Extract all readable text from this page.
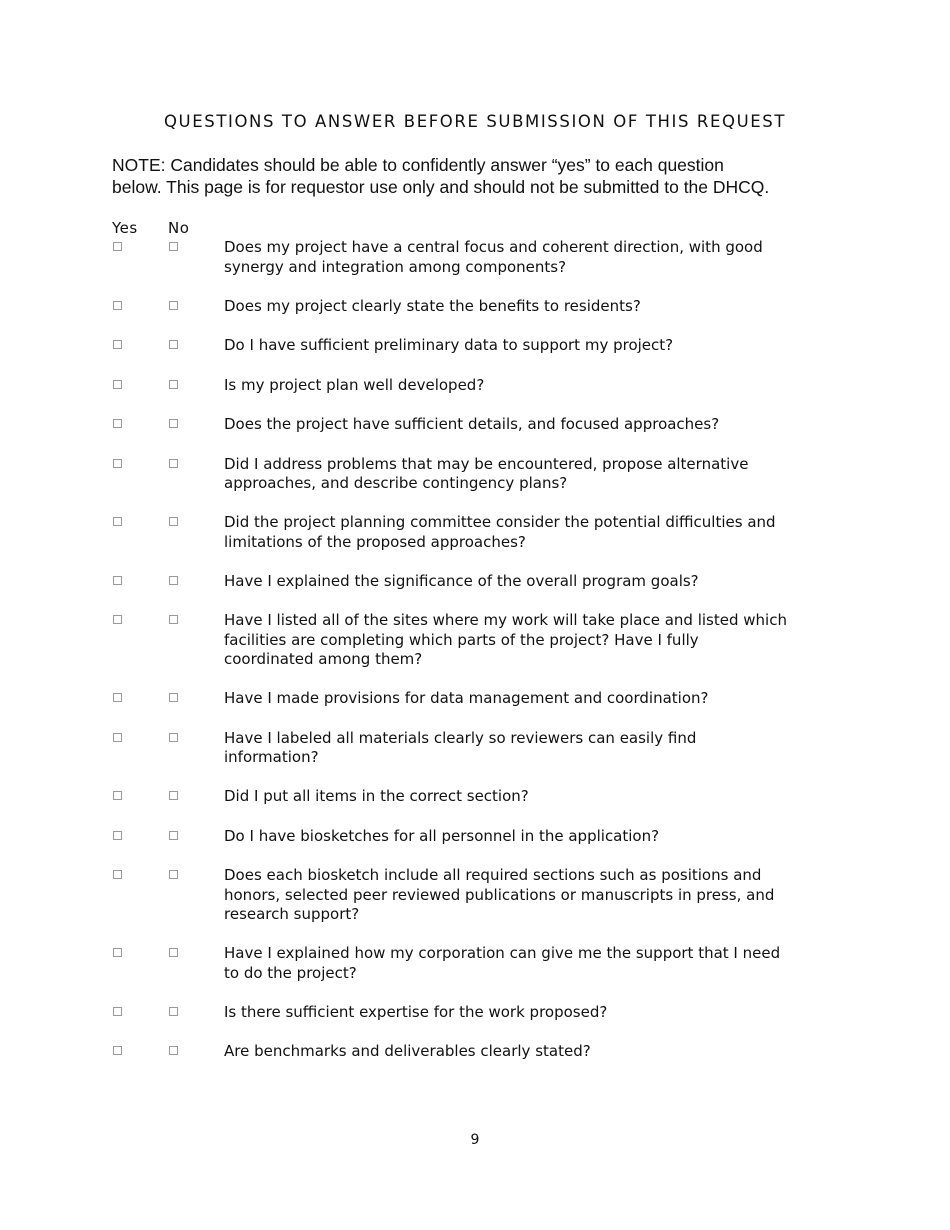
QUESTIONS TO ANSWER BEFORE SUBMISSION OF THIS REQUEST
NOTE: Candidates should be able to confidently answer “yes” to each question
below. This page is for requestor use only and should not be submitted to the DHCQ.
Yes No
Does my project have a central focus and coherent direction, with good
synergy and integration among components?
Does my project clearly state the benefits to residents?
Do I have sufficient preliminary data to support my project?
Is my project plan well developed?
Does the project have sufficient details, and focused approaches?
Did I address problems that may be encountered, propose alternative
approaches, and describe contingency plans?
Did the project planning committee consider the potential difficulties and
limitations of the proposed approaches?
Have I explained the significance of the overall program goals?
Have I listed all of the sites where my work will take place and listed which
facilities are completing which parts of the project? Have I fully
coordinated among them?
Have I made provisions for data management and coordination?
Have I labeled all materials clearly so reviewers can easily find
information?
Did I put all items in the correct section?
Do I have biosketches for all personnel in the application?
Does each biosketch include all required sections such as positions and
honors, selected peer reviewed publications or manuscripts in press, and
research support?
Have I explained how my corporation can give me the support that I need
to do the project?
Is there sufficient expertise for the work proposed?
Are benchmarks and deliverables clearly stated?
9
